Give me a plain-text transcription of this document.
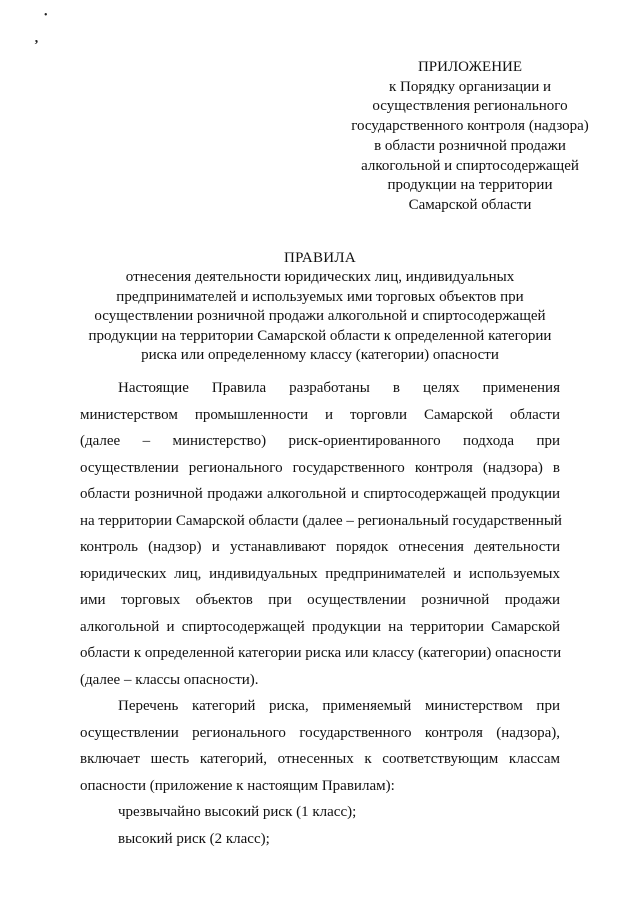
•
’
ПРИЛОЖЕНИЕ
к Порядку организации и
осуществления регионального
государственного контроля (надзора)
в области розничной продажи
алкогольной и спиртосодержащей
продукции на территории
Самарской области
ПРАВИЛА
отнесения деятельности юридических лиц, индивидуальных
предпринимателей и используемых ими торговых объектов при
осуществлении розничной продажи алкогольной и спиртосодержащей
продукции на территории Самарской области к определенной категории
риска или определенному классу (категории) опасности
Настоящие Правила разработаны в целях применения
министерством промышленности и торговли Самарской области
(далее – министерство) риск-ориентированного подхода при
осуществлении регионального государственного контроля (надзора) в
области розничной продажи алкогольной и спиртосодержащей продукции
на территории Самарской области (далее – региональный государственный
контроль (надзор) и устанавливают порядок отнесения деятельности
юридических лиц, индивидуальных предпринимателей и используемых
ими торговых объектов при осуществлении розничной продажи
алкогольной и спиртосодержащей продукции на территории Самарской
области к определенной категории риска или классу (категории) опасности
(далее – классы опасности).
Перечень категорий риска, применяемый министерством при
осуществлении регионального государственного контроля (надзора),
включает шесть категорий, отнесенных к соответствующим классам
опасности (приложение к настоящим Правилам):
чрезвычайно высокий риск (1 класс);
высокий риск (2 класс);
